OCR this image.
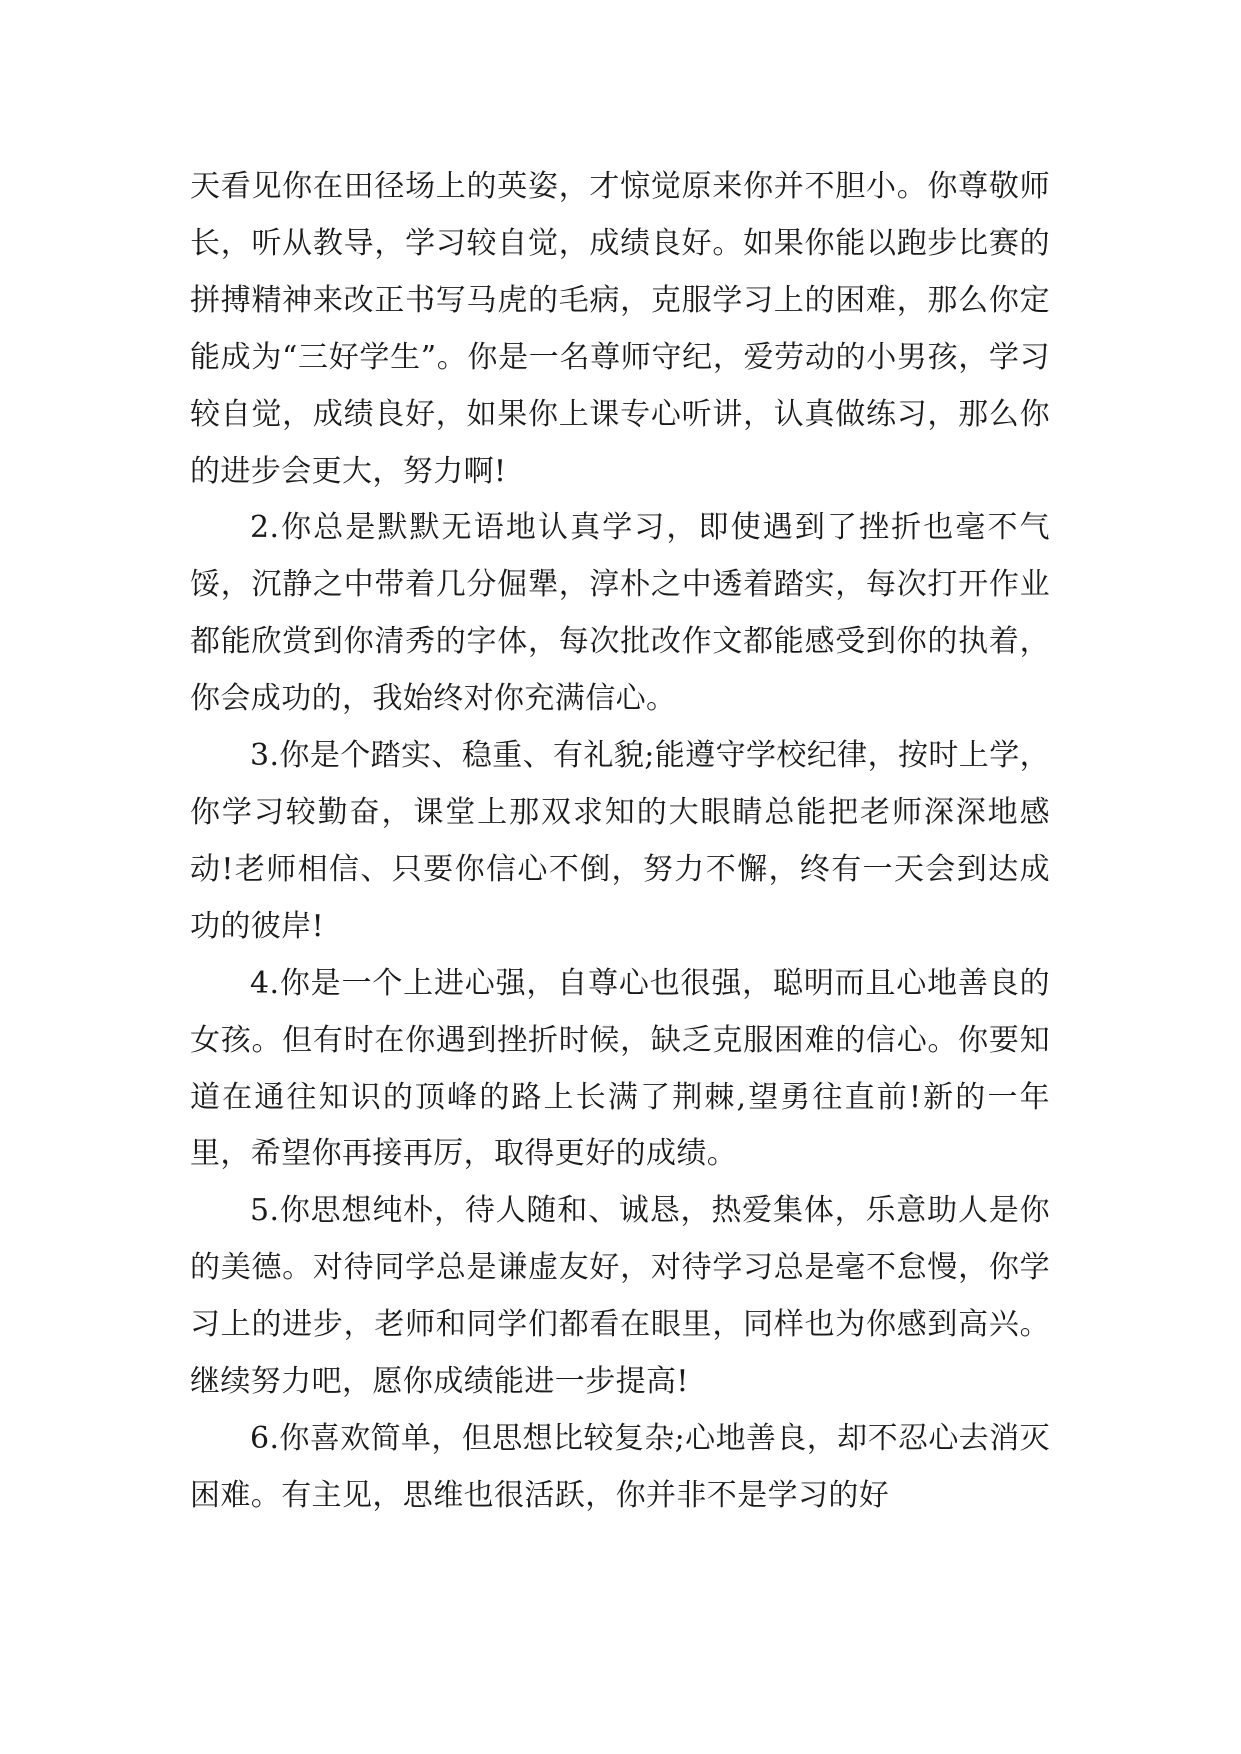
天看见你在田径场上的英姿，才惊觉原来你并不胆小。你尊敬师长，听从教导，学习较自觉，成绩良好。如果你能以跑步比赛的拼搏精神来改正书写马虎的毛病，克服学习上的困难，那么你定能成为“三好学生”。你是一名尊师守纪，爱劳动的小男孩，学习较自觉，成绩良好，如果你上课专心听讲，认真做练习，那么你的进步会更大，努力啊!

2.你总是默默无语地认真学习，即使遇到了挫折也毫不气馁，沉静之中带着几分倔犟，淳朴之中透着踏实，每次打开作业都能欣赏到你清秀的字体，每次批改作文都能感受到你的执着，你会成功的，我始终对你充满信心。

3.你是个踏实、稳重、有礼貌;能遵守学校纪律，按时上学，你学习较勤奋，课堂上那双求知的大眼睛总能把老师深深地感动!老师相信、只要你信心不倒，努力不懈，终有一天会到达成功的彼岸!

4.你是一个上进心强，自尊心也很强，聪明而且心地善良的女孩。但有时在你遇到挫折时候，缺乏克服困难的信心。你要知道在通往知识的顶峰的路上长满了荆棘,望勇往直前!新的一年里，希望你再接再厉，取得更好的成绩。

5.你思想纯朴，待人随和、诚恳，热爱集体，乐意助人是你的美德。对待同学总是谦虚友好，对待学习总是毫不怠慢，你学习上的进步，老师和同学们都看在眼里，同样也为你感到高兴。继续努力吧，愿你成绩能进一步提高!

6.你喜欢简单，但思想比较复杂;心地善良，却不忍心去消灭困难。有主见，思维也很活跃，你并非不是学习的好
